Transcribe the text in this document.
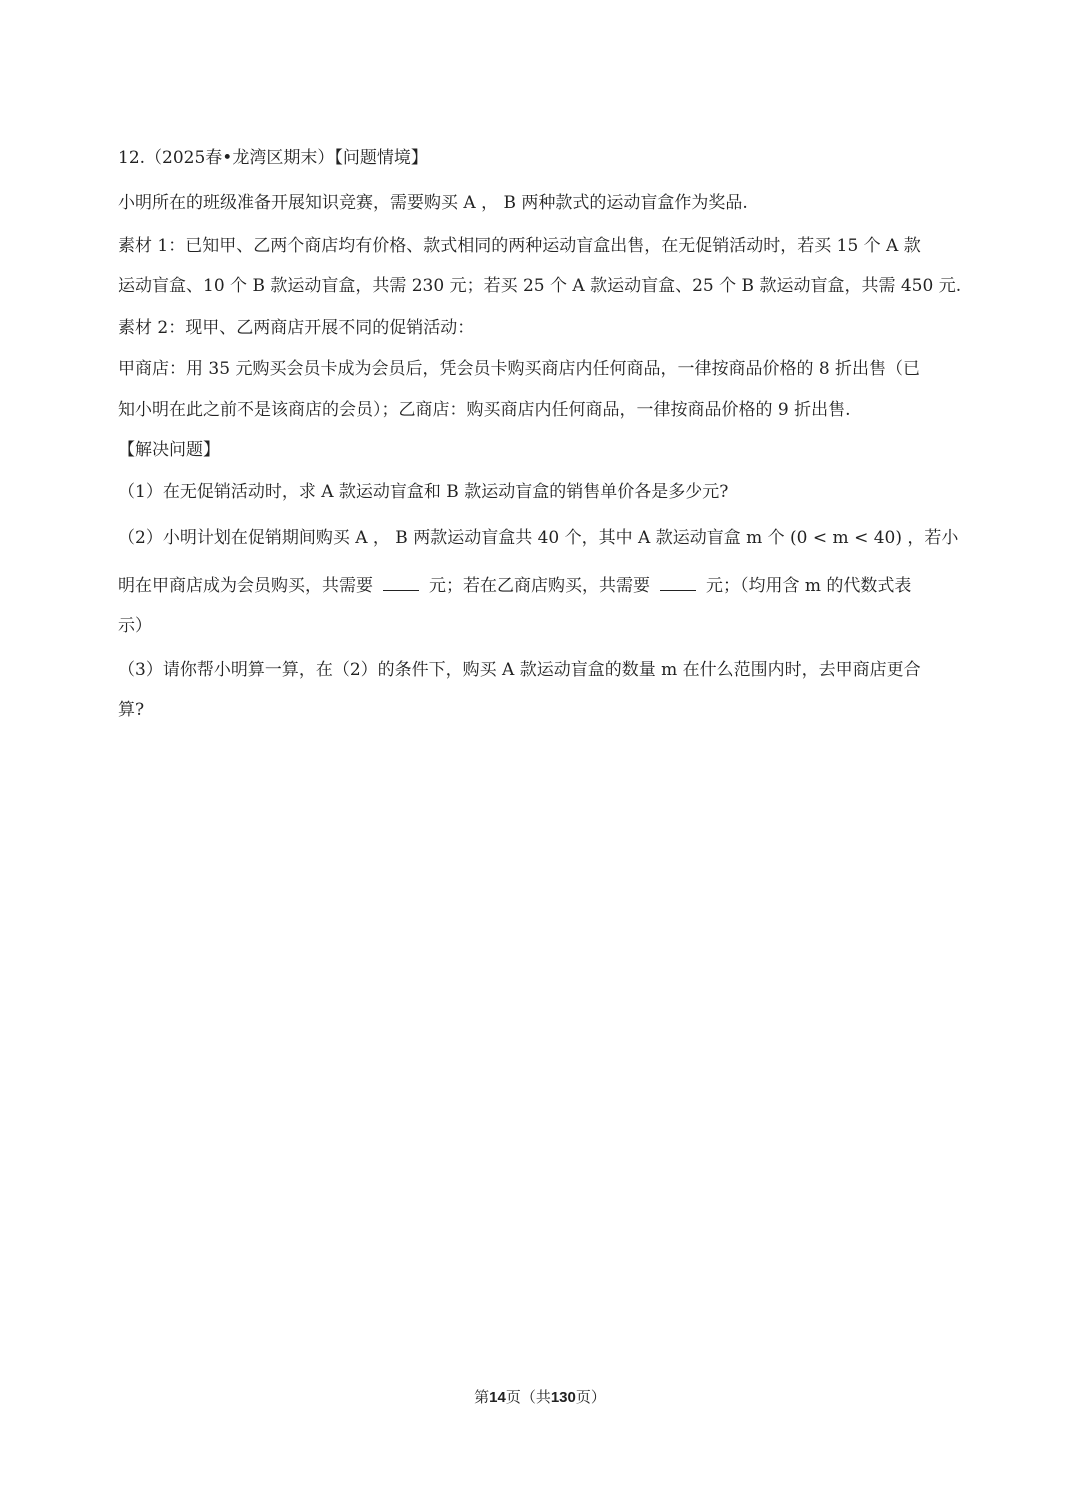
12.（2025春•龙湾区期末）【问题情境】

小明所在的班级准备开展知识竞赛，需要购买 A ， B 两种款式的运动盲盒作为奖品.

素材 1：已知甲、乙两个商店均有价格、款式相同的两种运动盲盒出售，在无促销活动时，若买 15 个 A 款

运动盲盒、10 个 B 款运动盲盒，共需 230 元；若买 25 个 A 款运动盲盒、25 个 B 款运动盲盒，共需 450 元.

素材 2：现甲、乙两商店开展不同的促销活动：

甲商店：用 35 元购买会员卡成为会员后，凭会员卡购买商店内任何商品，一律按商品价格的 8 折出售（已

知小明在此之前不是该商店的会员）；乙商店：购买商店内任何商品，一律按商品价格的 9 折出售.

【解决问题】

（1）在无促销活动时，求 A 款运动盲盒和 B 款运动盲盒的销售单价各是多少元?

（2）小明计划在促销期间购买 A ， B 两款运动盲盒共 40 个，其中 A 款运动盲盒 m 个 (0 < m < 40) ，若小

明在甲商店成为会员购买，共需要	元；若在乙商店购买，共需要	元；（均用含 m 的代数式表

示）

（3）请你帮小明算一算，在（2）的条件下，购买 A 款运动盲盒的数量 m 在什么范围内时，去甲商店更合

算?

第14页（共130页）
